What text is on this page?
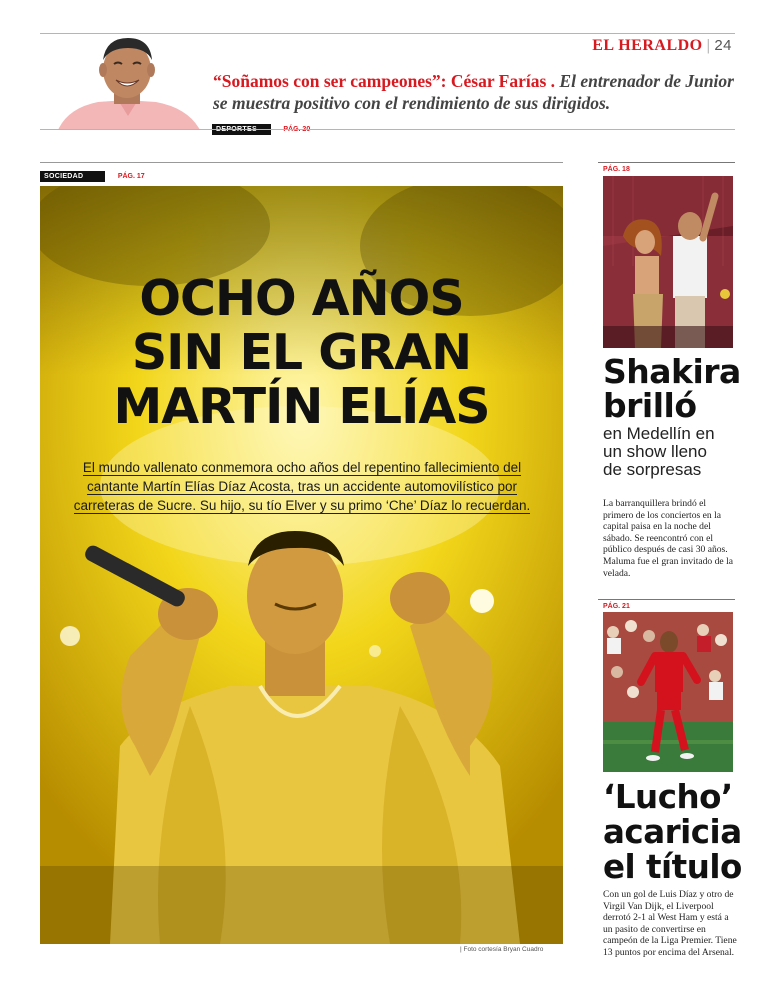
EL HERALDO | 24
“Soñamos con ser campeones”: César Farías . El entrenador de Junior se muestra positivo con el rendimiento de sus dirigidos.
SOCIEDAD	PÁG. 17
OCHO AÑOS
SIN EL GRAN
MARTÍN ELÍAS
El mundo vallenato conmemora ocho años del repentino fallecimiento del
cantante Martín Elías Díaz Acosta, tras un accidente automovilístico por
carreteras de Sucre. Su hijo, su tío Elver y su primo ‘Che’ Díaz lo recuerdan.
| Foto cortesía Bryan Cuadro
PÁG. 18
Shakira
brilló
en Medellín en
un show lleno
de sorpresas
La barranquillera brindó el primero de los conciertos en la capital paisa en la noche del sábado. Se reencontró con el público después de casi 30 años. Maluma fue el gran invitado de la velada.
PÁG. 21
‘Lucho’
acaricia
el título
Con un gol de Luis Díaz y otro de Virgil Van Dijk, el Liverpool derrotó 2-1 al West Ham y está a un pasito de convertirse en campeón de la Liga Premier. Tiene 13 puntos por encima del Arsenal.
